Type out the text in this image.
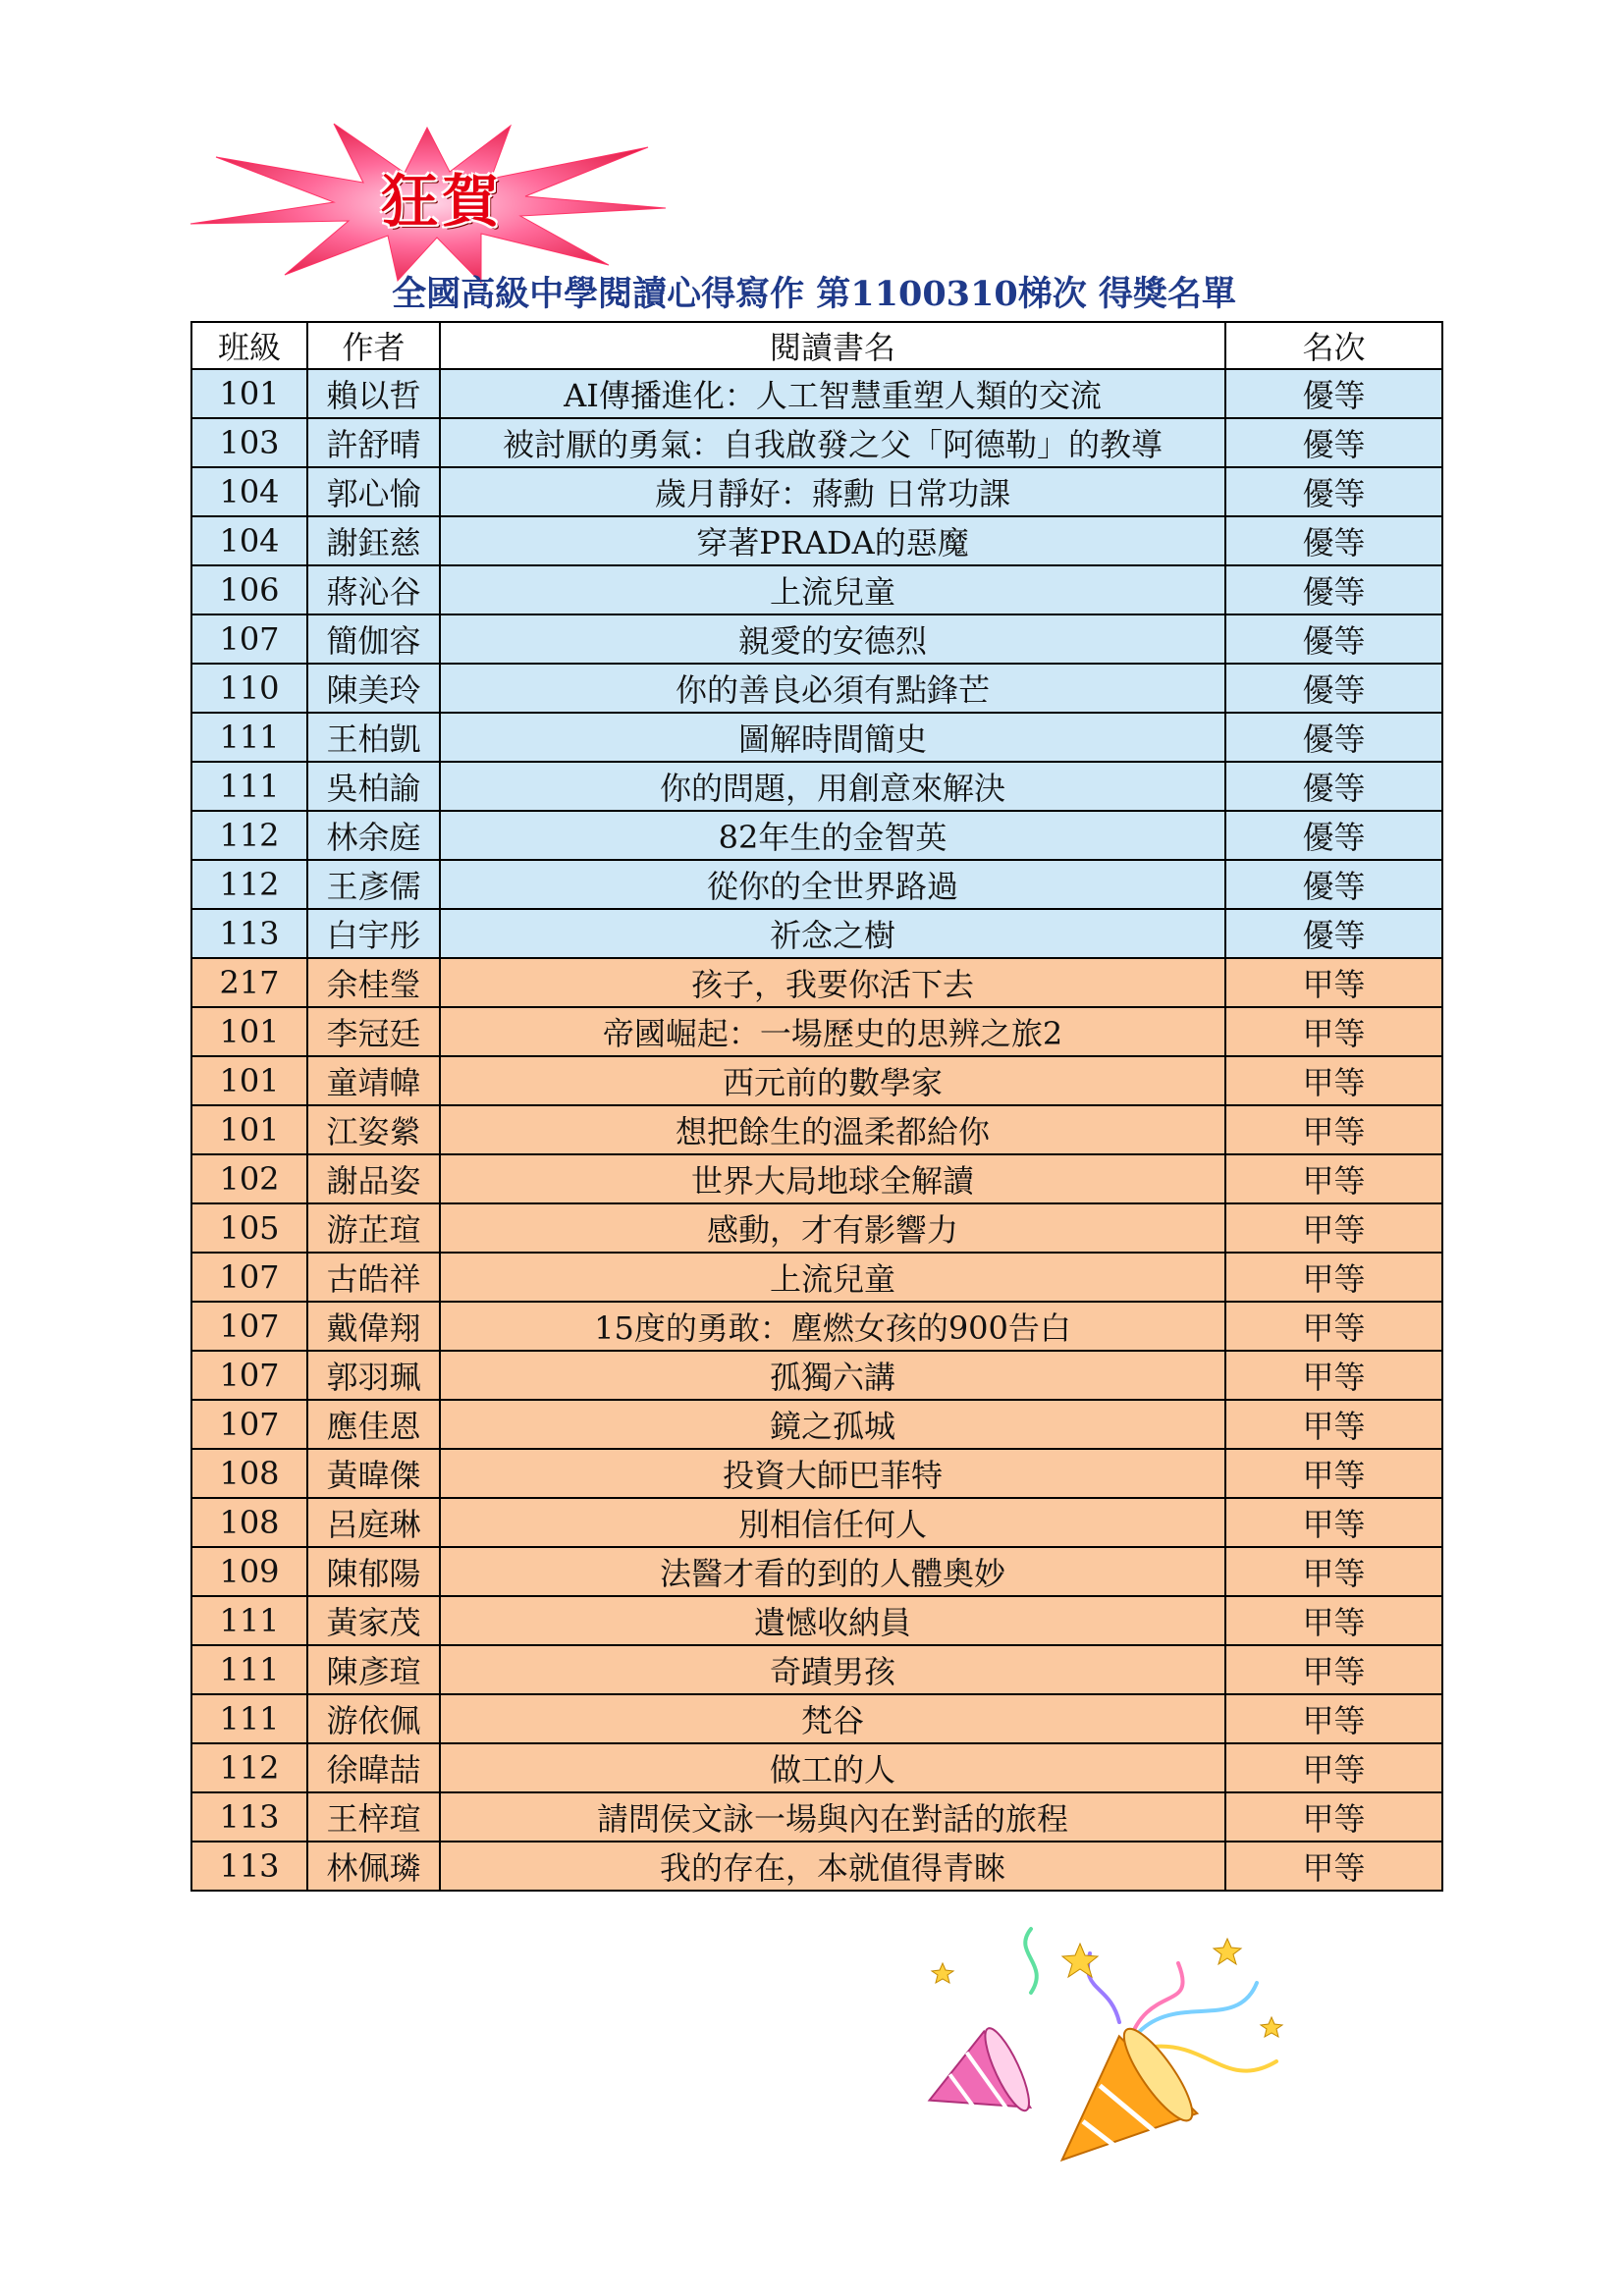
狂賀
全國高級中學閱讀心得寫作 第1100310梯次 得獎名單
班級	作者	閱讀書名	名次
101	賴以哲	AI傳播進化：人工智慧重塑人類的交流	優等
103	許舒晴	被討厭的勇氣：自我啟發之父「阿德勒」的教導	優等
104	郭心愉	歲月靜好：蔣勳 日常功課	優等
104	謝鈺慈	穿著PRADA的惡魔	優等
106	蔣沁谷	上流兒童	優等
107	簡伽容	親愛的安德烈	優等
110	陳美玲	你的善良必須有點鋒芒	優等
111	王柏凱	圖解時間簡史	優等
111	吳柏諭	你的問題，用創意來解決	優等
112	林余庭	82年生的金智英	優等
112	王彥儒	從你的全世界路過	優等
113	白宇彤	祈念之樹	優等
217	余桂瑩	孩子，我要你活下去	甲等
101	李冠廷	帝國崛起：一場歷史的思辨之旅2	甲等
101	童靖幃	西元前的數學家	甲等
101	江姿縈	想把餘生的溫柔都給你	甲等
102	謝品姿	世界大局地球全解讀	甲等
105	游芷瑄	感動，才有影響力	甲等
107	古皓祥	上流兒童	甲等
107	戴偉翔	15度的勇敢：塵燃女孩的900告白	甲等
107	郭羽珮	孤獨六講	甲等
107	應佳恩	鏡之孤城	甲等
108	黃暐傑	投資大師巴菲特	甲等
108	呂庭琳	別相信任何人	甲等
109	陳郁陽	法醫才看的到的人體奧妙	甲等
111	黃家茂	遺憾收納員	甲等
111	陳彥瑄	奇蹟男孩	甲等
111	游依佩	梵谷	甲等
112	徐暐喆	做工的人	甲等
113	王梓瑄	請問侯文詠一場與內在對話的旅程	甲等
113	林佩璘	我的存在，本就值得青睞	甲等
